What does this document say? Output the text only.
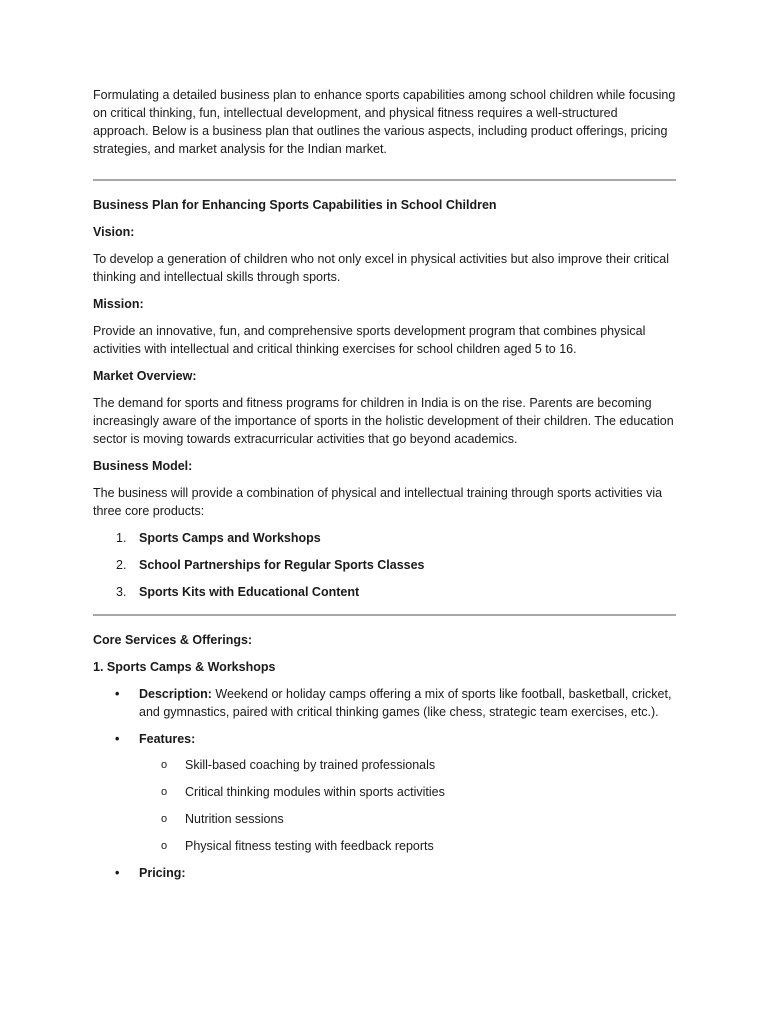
Formulating a detailed business plan to enhance sports capabilities among school children while focusing on critical thinking, fun, intellectual development, and physical fitness requires a well-structured approach. Below is a business plan that outlines the various aspects, including product offerings, pricing strategies, and market analysis for the Indian market.

Business Plan for Enhancing Sports Capabilities in School Children

Vision:

To develop a generation of children who not only excel in physical activities but also improve their critical thinking and intellectual skills through sports.

Mission:

Provide an innovative, fun, and comprehensive sports development program that combines physical activities with intellectual and critical thinking exercises for school children aged 5 to 16.

Market Overview:

The demand for sports and fitness programs for children in India is on the rise. Parents are becoming increasingly aware of the importance of sports in the holistic development of their children. The education sector is moving towards extracurricular activities that go beyond academics.

Business Model:

The business will provide a combination of physical and intellectual training through sports activities via three core products:

1. Sports Camps and Workshops
2. School Partnerships for Regular Sports Classes
3. Sports Kits with Educational Content

Core Services & Offerings:

1. Sports Camps & Workshops

• Description: Weekend or holiday camps offering a mix of sports like football, basketball, cricket, and gymnastics, paired with critical thinking games (like chess, strategic team exercises, etc.).
• Features:
o Skill-based coaching by trained professionals
o Critical thinking modules within sports activities
o Nutrition sessions
o Physical fitness testing with feedback reports
• Pricing:
